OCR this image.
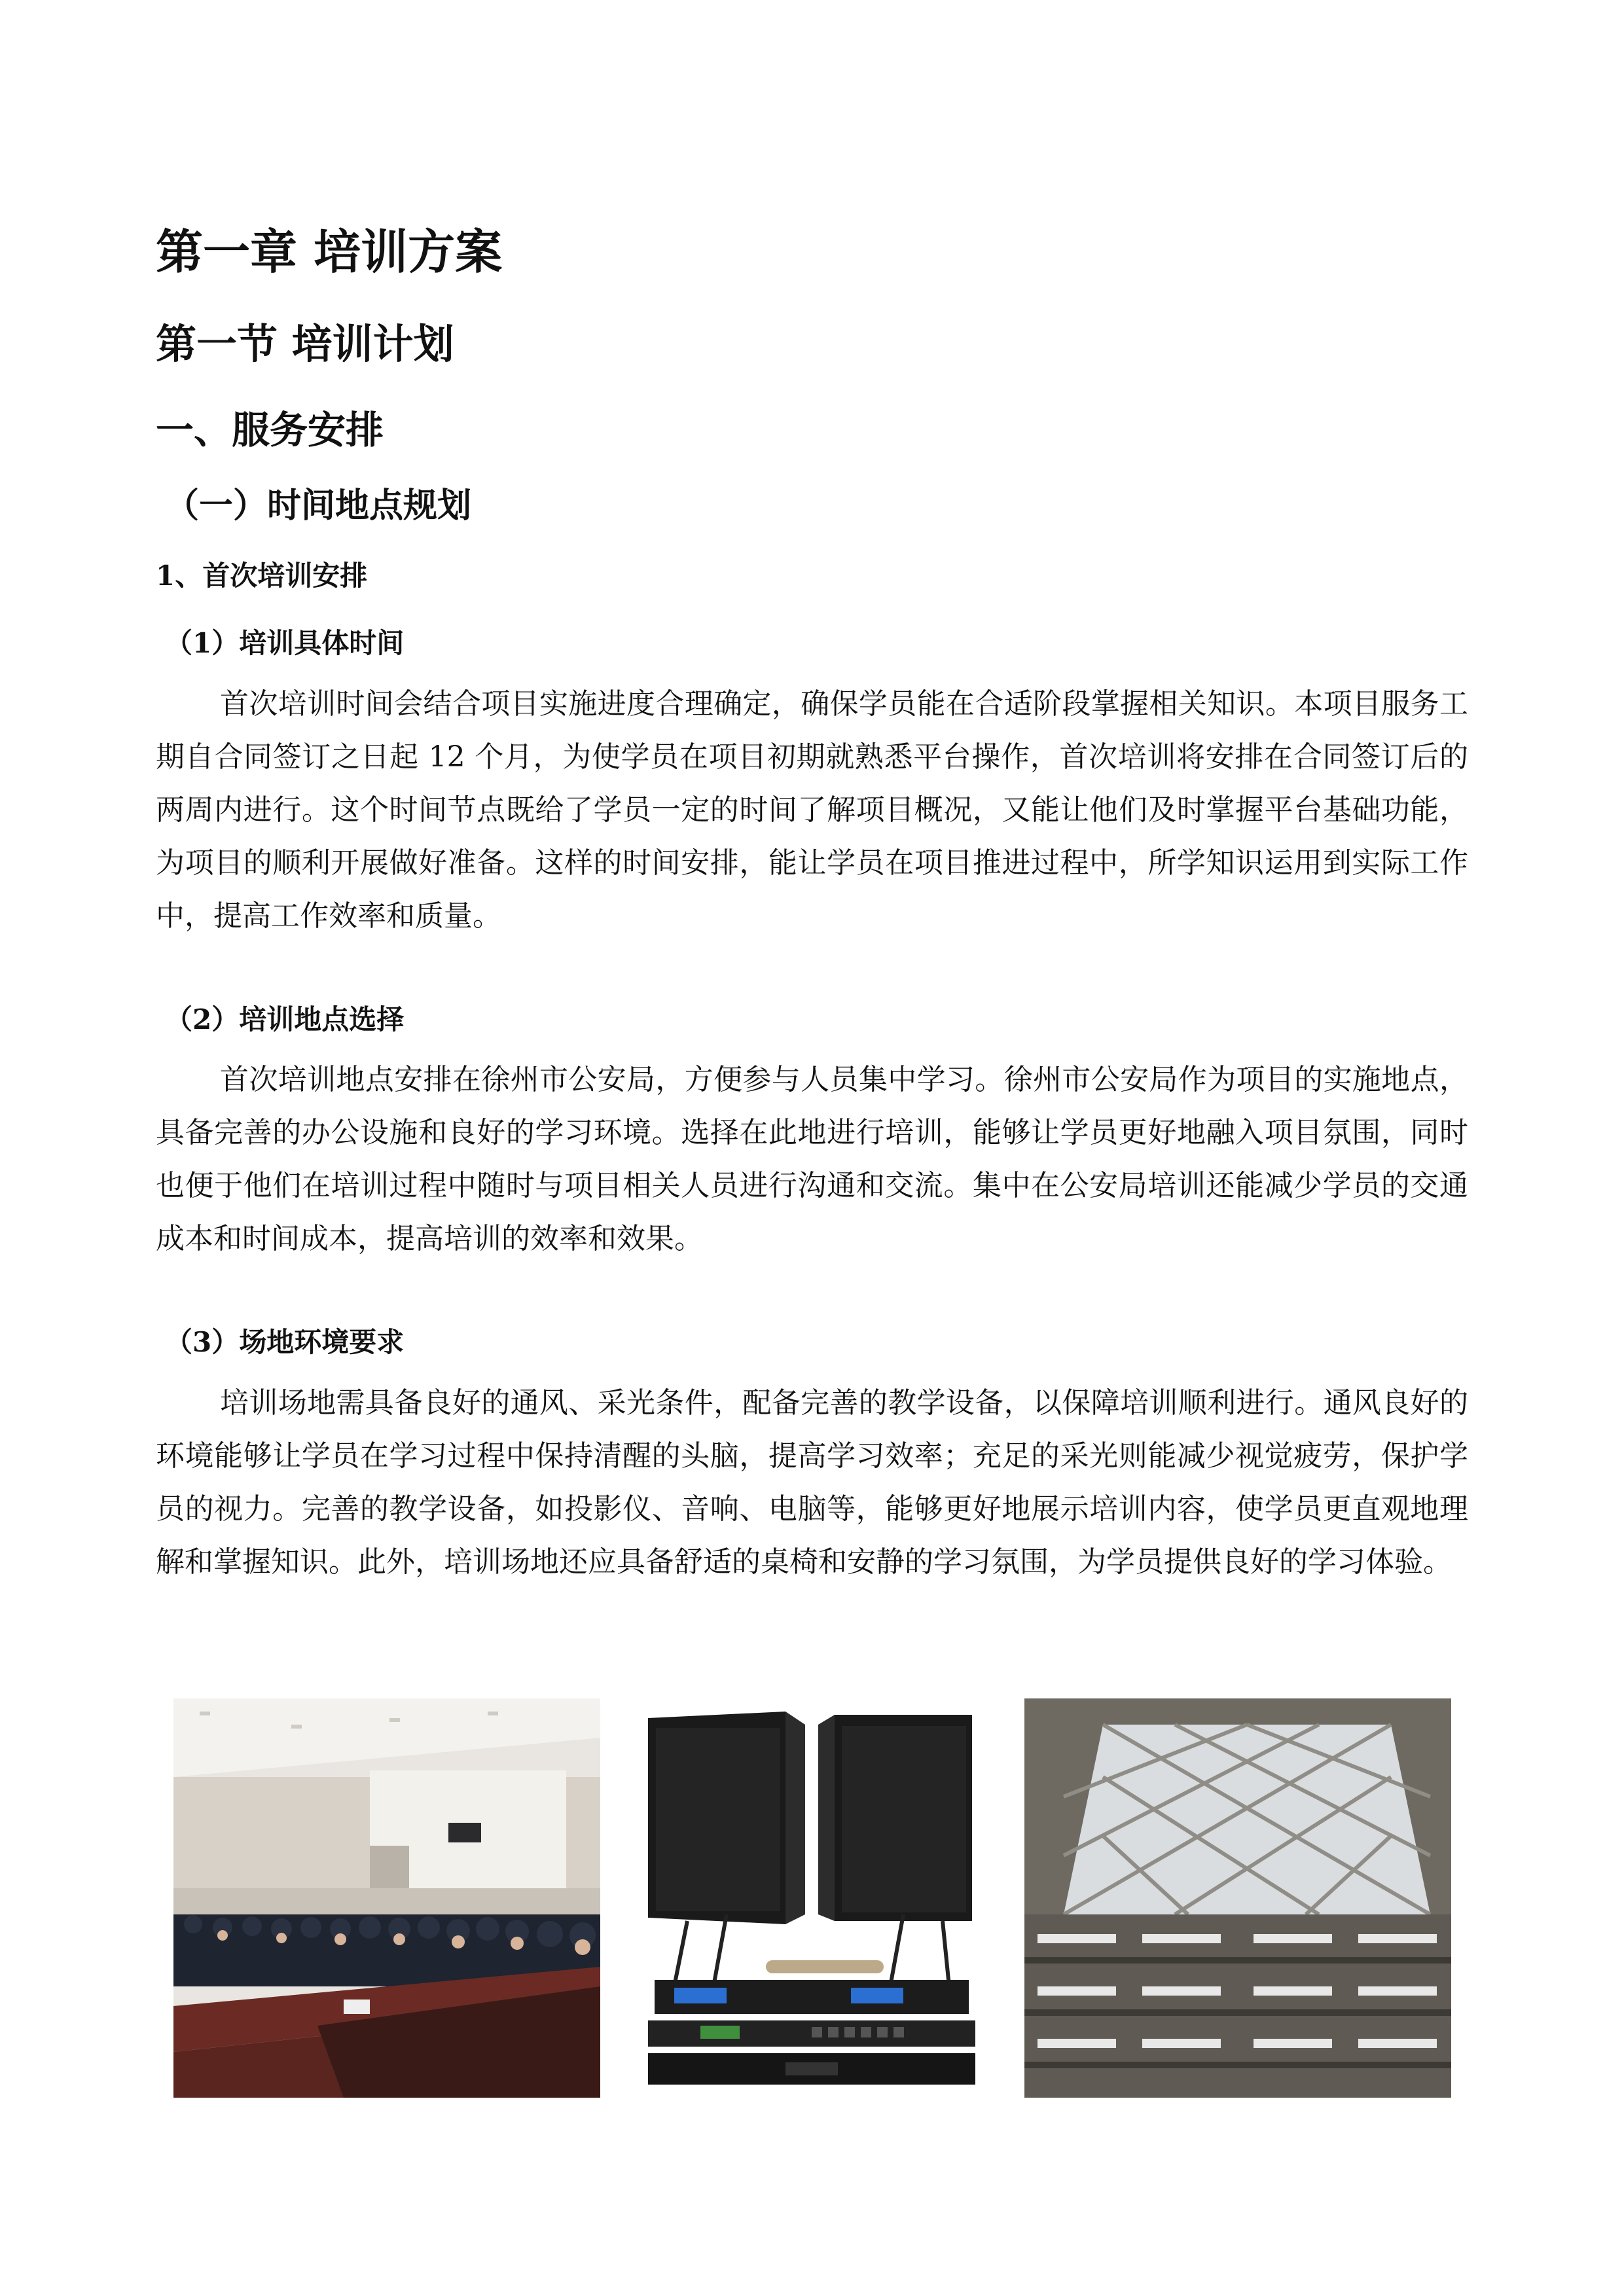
第一章 培训方案
第一节 培训计划
一、服务安排
（一）时间地点规划
1、首次培训安排
（1）培训具体时间

首次培训时间会结合项目实施进度合理确定，确保学员能在合适阶段掌握相关知识。本项目服务工期自合同签订之日起 12 个月，为使学员在项目初期就熟悉平台操作，首次培训将安排在合同签订后的两周内进行。这个时间节点既给了学员一定的时间了解项目概况，又能让他们及时掌握平台基础功能，为项目的顺利开展做好准备。这样的时间安排，能让学员在项目推进过程中，所学知识运用到实际工作中，提高工作效率和质量。

（2）培训地点选择

首次培训地点安排在徐州市公安局，方便参与人员集中学习。徐州市公安局作为项目的实施地点，具备完善的办公设施和良好的学习环境。选择在此地进行培训，能够让学员更好地融入项目氛围，同时也便于他们在培训过程中随时与项目相关人员进行沟通和交流。集中在公安局培训还能减少学员的交通成本和时间成本，提高培训的效率和效果。

（3）场地环境要求

培训场地需具备良好的通风、采光条件，配备完善的教学设备，以保障培训顺利进行。通风良好的环境能够让学员在学习过程中保持清醒的头脑，提高学习效率；充足的采光则能减少视觉疲劳，保护学员的视力。完善的教学设备，如投影仪、音响、电脑等，能够更好地展示培训内容，使学员更直观地理解和掌握知识。此外，培训场地还应具备舒适的桌椅和安静的学习氛围，为学员提供良好的学习体验。
